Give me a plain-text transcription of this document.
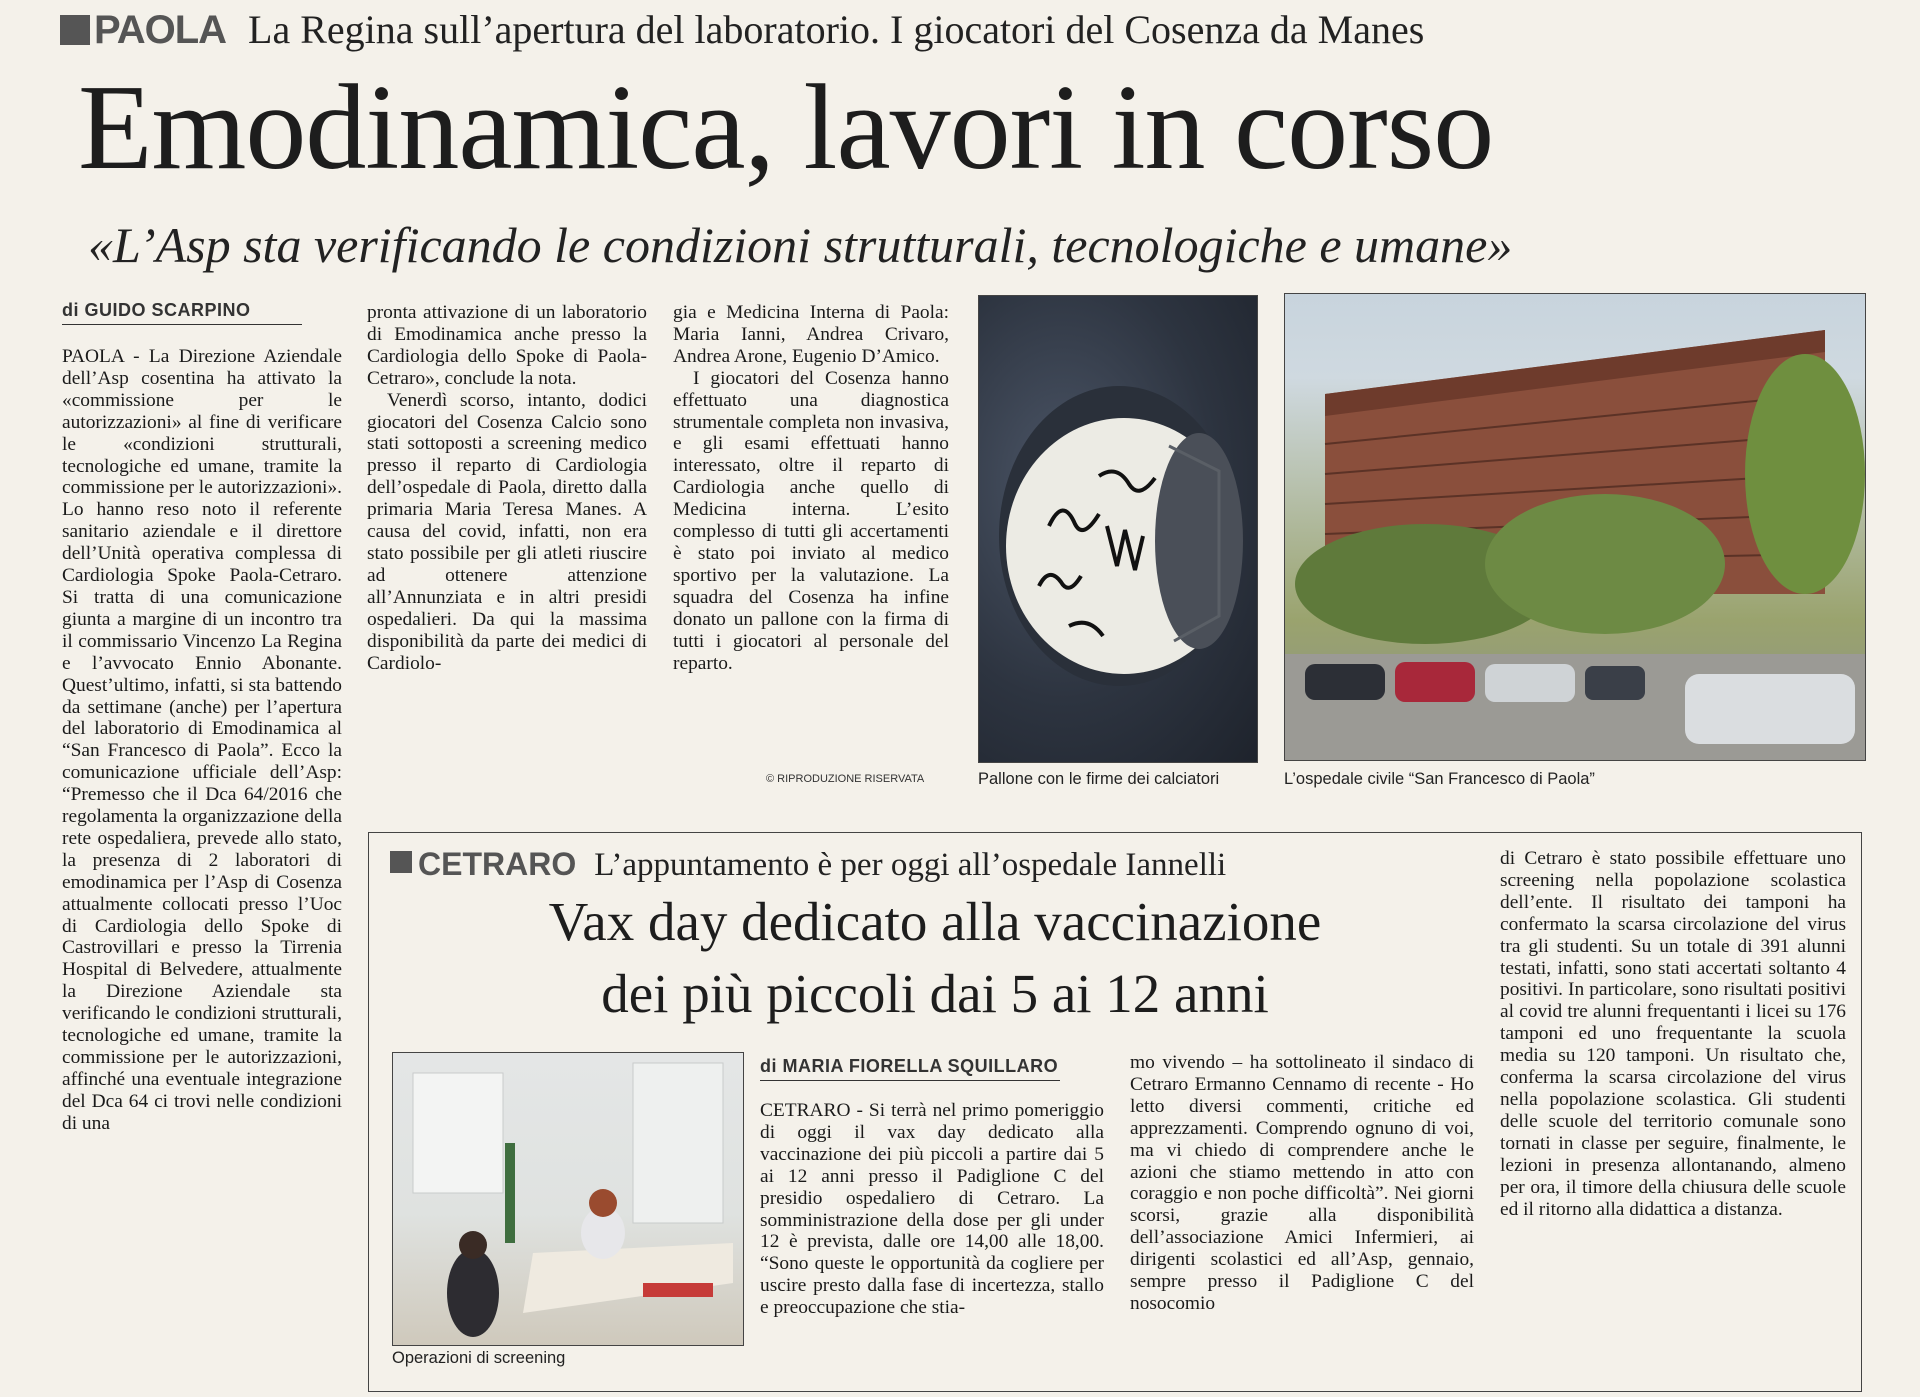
PAOLA La Regina sull’apertura del laboratorio. I giocatori del Cosenza da Manes
Emodinamica, lavori in corso
«L’Asp sta verificando le condizioni strutturali, tecnologiche e umane»
di GUIDO SCARPINO

PAOLA - La Direzione Aziendale dell’Asp cosentina ha attivato la «commissione per le autorizzazioni» al fine di verificare le «condizioni strutturali, tecnologiche ed umane, tramite la commissione per le autorizzazioni». Lo hanno reso noto il referente sanitario aziendale e il direttore dell’Unità operativa complessa di Cardiologia Spoke Paola-Cetraro. Si tratta di una comunicazione giunta a margine di un incontro tra il commissario Vincenzo La Regina e l’avvocato Ennio Abonante. Quest’ultimo, infatti, si sta battendo da settimane (anche) per l’apertura del laboratorio di Emodinamica al “San Francesco di Paola”. Ecco la comunicazione ufficiale dell’Asp: “Premesso che il Dca 64/2016 che regolamenta la organizzazione della rete ospedaliera, prevede allo stato, la presenza di 2 laboratori di emodinamica per l’Asp di Cosenza attualmente collocati presso l’Uoc di Cardiologia dello Spoke di Castrovillari e presso la Tirrenia Hospital di Belvedere, attualmente la Direzione Aziendale sta verificando le condizioni strutturali, tecnologiche ed umane, tramite la commissione per le autorizzazioni, affinché una eventuale integrazione del Dca 64 ci trovi nelle condizioni di una

pronta attivazione di un laboratorio di Emodinamica anche presso la Cardiologia dello Spoke di Paola-Cetraro», conclude la nota.

Venerdì scorso, intanto, dodici giocatori del Cosenza Calcio sono stati sottoposti a screening medico presso il reparto di Cardiologia dell’ospedale di Paola, diretto dalla primaria Maria Teresa Manes. A causa del covid, infatti, non era stato possibile per gli atleti riuscire ad ottenere attenzione all’Annunziata e in altri presidi ospedalieri. Da qui la massima disponibilità da parte dei medici di Cardiolo-

gia e Medicina Interna di Paola: Maria Ianni, Andrea Crivaro, Andrea Arone, Eugenio D’Amico.

I giocatori del Cosenza hanno effettuato una diagnostica strumentale completa non invasiva, e gli esami effettuati hanno interessato, oltre il reparto di Cardiologia anche quello di Medicina interna. L’esito complesso di tutti gli accertamenti è stato poi inviato al medico sportivo per la valutazione. La squadra del Cosenza ha infine donato un pallone con la firma di tutti i giocatori al personale del reparto.

© RIPRODUZIONE RISERVATA	Pallone con le firme dei calciatori	L’ospedale civile “San Francesco di Paola”
CETRARO L’appuntamento è per oggi all’ospedale Iannelli
Vax day dedicato alla vaccinazione
dei più piccoli dai 5 ai 12 anni
Operazioni di screening
di MARIA FIORELLA SQUILLARO

CETRARO - Si terrà nel primo pomeriggio di oggi il vax day dedicato alla vaccinazione dei più piccoli a partire dai 5 ai 12 anni presso il Padiglione C del presidio ospedaliero di Cetraro. La somministrazione della dose per gli under 12 è prevista, dalle ore 14,00 alle 18,00. “Sono queste le opportunità da cogliere per uscire presto dalla fase di incertezza, stallo e preoccupazione che stia-

mo vivendo – ha sottolineato il sindaco di Cetraro Ermanno Cennamo di recente - Ho letto diversi commenti, critiche ed apprezzamenti. Comprendo ognuno di voi, ma vi chiedo di comprendere anche le azioni che stiamo mettendo in atto con coraggio e non poche difficoltà”. Nei giorni scorsi, grazie alla disponibilità dell’associazione Amici Infermieri, ai dirigenti scolastici ed all’Asp, gennaio, sempre presso il Padiglione C del nosocomio

di Cetraro è stato possibile effettuare uno screening nella popolazione scolastica dell’ente. Il risultato dei tamponi ha confermato la scarsa circolazione del virus tra gli studenti. Su un totale di 391 alunni testati, infatti, sono stati accertati soltanto 4 positivi. In particolare, sono risultati positivi al covid tre alunni frequentanti i licei su 176 tamponi ed uno frequentante la scuola media su 120 tamponi. Un risultato che, conferma la scarsa circolazione del virus nella popolazione scolastica. Gli studenti delle scuole del territorio comunale sono tornati in classe per seguire, finalmente, le lezioni in presenza allontanando, almeno per ora, il timore della chiusura delle scuole ed il ritorno alla didattica a distanza.
